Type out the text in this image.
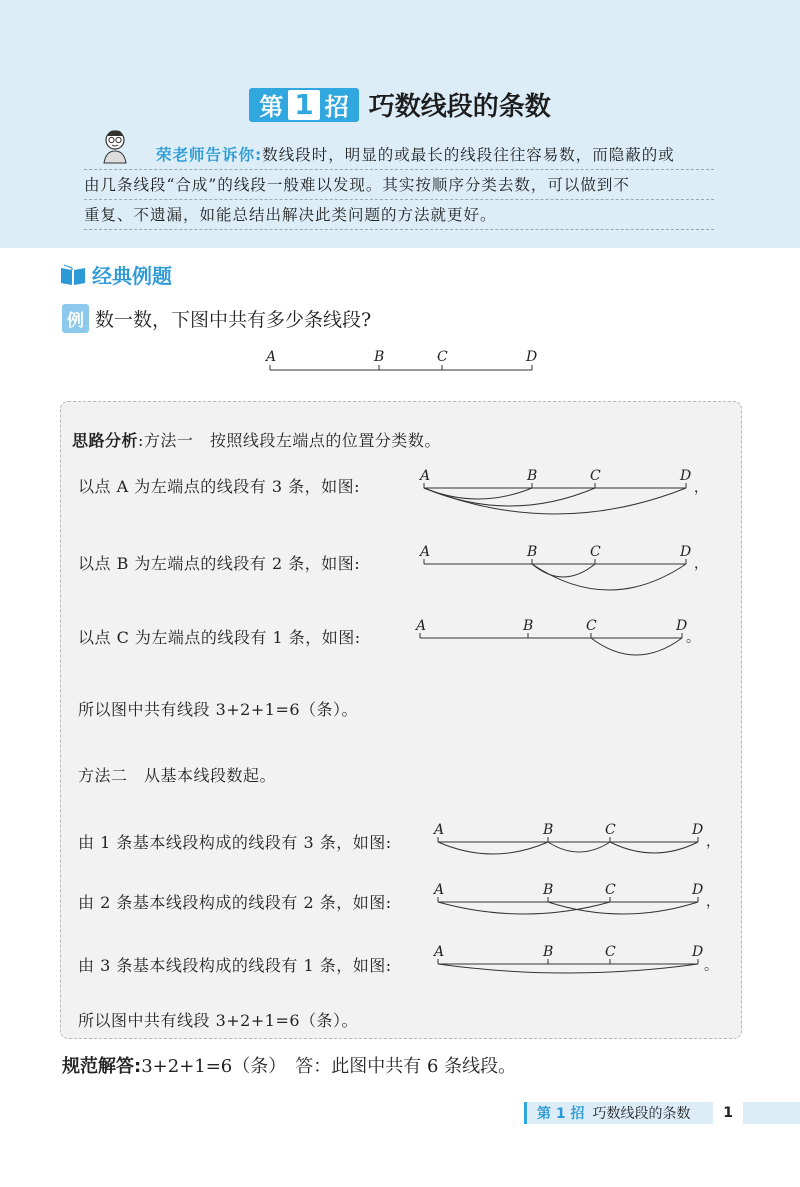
第 1 招 巧数线段的条数
荣老师告诉你:数线段时，明显的或最长的线段往往容易数，而隐蔽的或
由几条线段“合成”的线段一般难以发现。其实按顺序分类去数，可以做到不
重复、不遗漏，如能总结出解决此类问题的方法就更好。
经典例题
例 数一数，下图中共有多少条线段?
A	B	C	D
思路分析:方法一　按照线段左端点的位置分类数。
以点 A 为左端点的线段有 3 条，如图:
A	B	C	D
，
以点 B 为左端点的线段有 2 条，如图:
A	B	C	D
，
以点 C 为左端点的线段有 1 条，如图:
A	B	C	D
。
所以图中共有线段 3+2+1=6（条）。
方法二　从基本线段数起。
由 1 条基本线段构成的线段有 3 条，如图:
A	B	C	D
，
由 2 条基本线段构成的线段有 2 条，如图:
A	B	C	D
，
由 3 条基本线段构成的线段有 1 条，如图:
A	B	C	D
。
所以图中共有线段 3+2+1=6（条）。
规范解答:3+2+1=6（条）　答：此图中共有 6 条线段。
第 1 招 巧数线段的条数	1
